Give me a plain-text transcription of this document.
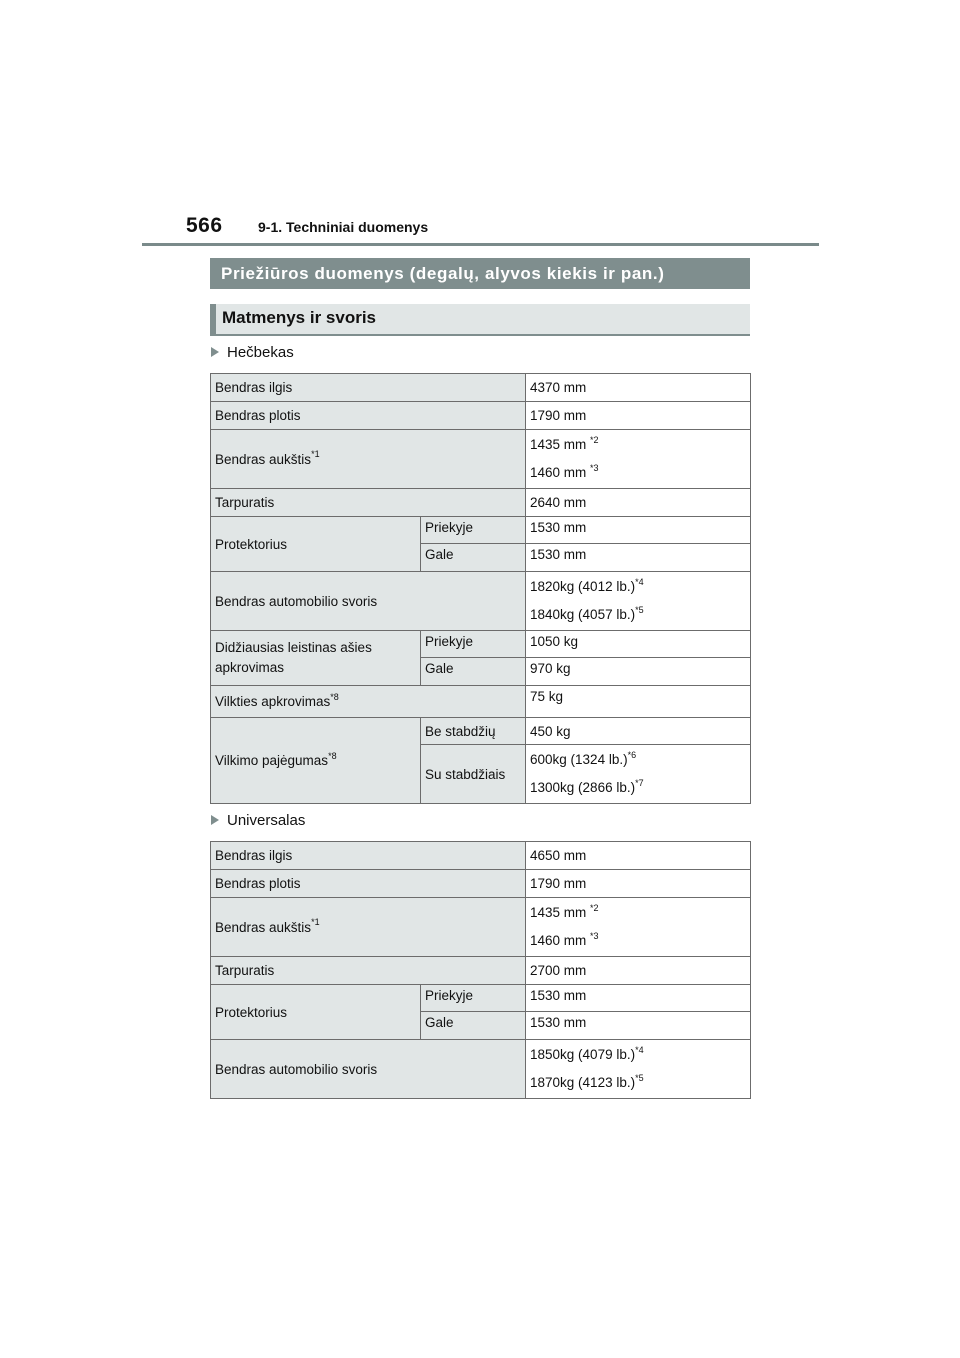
566	9-1. Techniniai duomenys
Priežiūros duomenys (degalų, alyvos kiekis ir pan.)
Matmenys ir svoris
Hečbekas
Bendras ilgis		4370 mm
Bendras plotis		1790 mm
Bendras aukštis$^{*1}$		1435 mm $^{*2}$
1460 mm $^{*3}$

Tarpuratis		2640 mm
Protektorius	Priekyje	1530 mm
	Gale	1530 mm
Bendras automobilio svoris		1820kg (4012 lb.)$^{*4}$
1840kg (4057 lb.)$^{*5}$

Didžiausias leistinas ašies apkrovimas	Priekyje	1050 kg
	Gale	970 kg
Vilkties apkrovimas$^{*8}$		75 kg
Vilkimo pajėgumas$^{*8}$	Be stabdžių	450 kg
	Su stabdžiais	600kg (1324 lb.)$^{*6}$
1300kg (2866 lb.)$^{*7}$
Universalas
Bendras ilgis		4650 mm
Bendras plotis		1790 mm
Bendras aukštis$^{*1}$		1435 mm $^{*2}$
1460 mm $^{*3}$

Tarpuratis		2700 mm
Protektorius	Priekyje	1530 mm
	Gale	1530 mm
Bendras automobilio svoris		1850kg (4079 lb.)$^{*4}$
1870kg (4123 lb.)$^{*5}$
